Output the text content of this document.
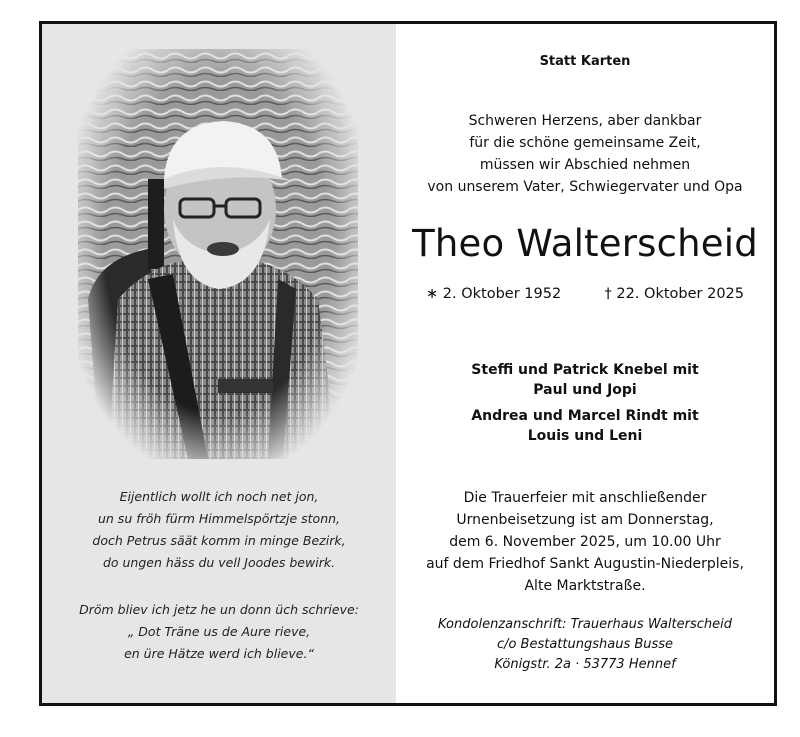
Eijentlich wollt ich noch net jon,
un su fröh fürm Himmelspörtzje stonn,
doch Petrus säät komm in minge Bezirk,
do ungen häss du vell Joodes bewirk.
Dröm bliev ich jetz he un donn üch schrieve:
„ Dot Träne us de Aure rieve,
en üre Hätze werd ich blieve.“
Statt Karten
Schweren Herzens, aber dankbar
für die schöne gemeinsame Zeit,
müssen wir Abschied nehmen
von unserem Vater, Schwiegervater und Opa
Theo Walterscheid
∗ 2. Oktober 1952	† 22. Oktober 2025
Steffi und Patrick Knebel mit
Paul und Jopi
Andrea und Marcel Rindt mit
Louis und Leni
Die Trauerfeier mit anschließender
Urnenbeisetzung ist am Donnerstag,
dem 6. November 2025, um 10.00 Uhr
auf dem Friedhof Sankt Augustin-Niederpleis,
Alte Marktstraße.
Kondolenzanschrift: Trauerhaus Walterscheid
c/o Bestattungshaus Busse
Königstr. 2a · 53773 Hennef
